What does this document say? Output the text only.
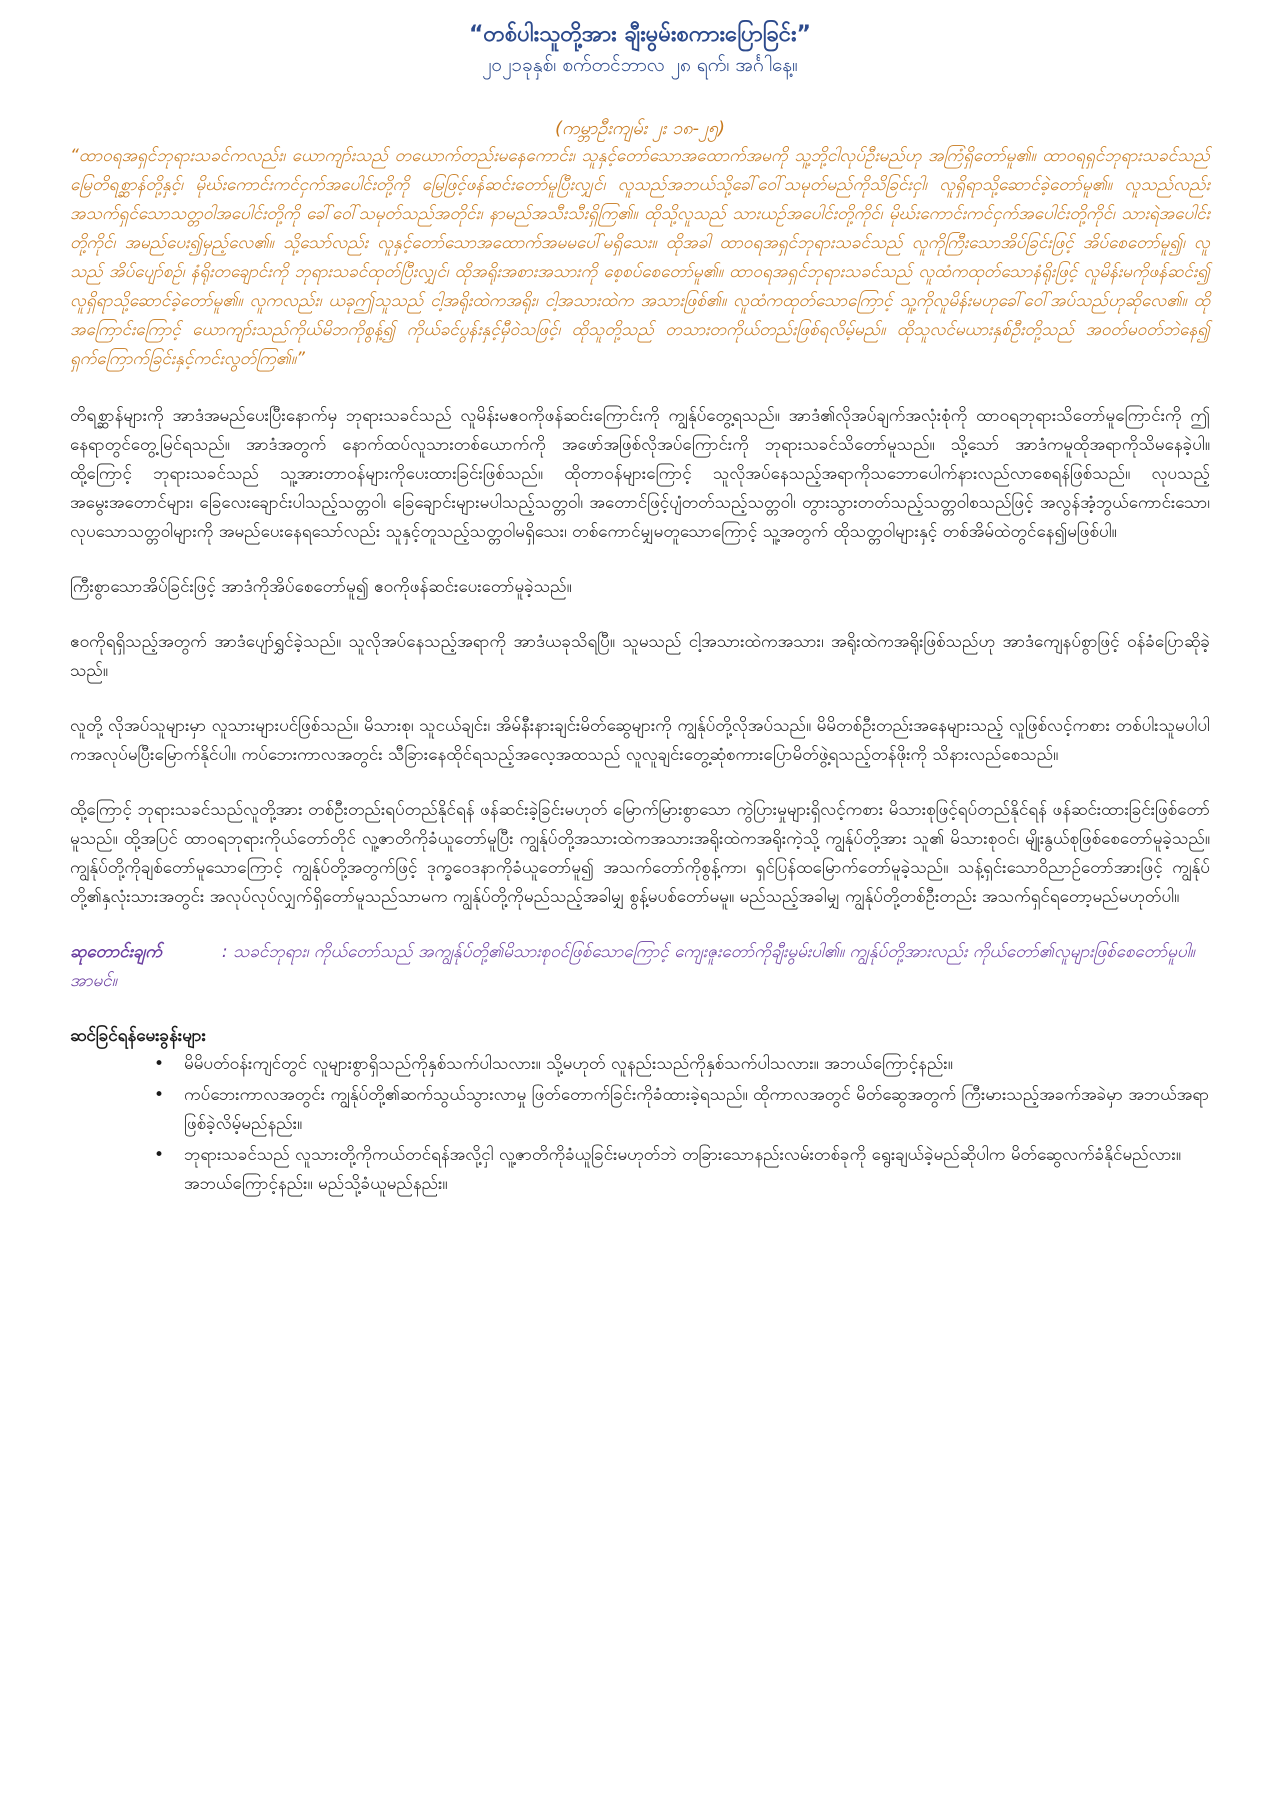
“တစ်ပါးသူတို့အား ချီးမွမ်းစကားပြောခြင်း”

၂၀၂၁ခုနှစ်၊ စက်တင်ဘာလ ၂၈ ရက်၊ အင်္ဂါနေ့။

(ကမ္ဘာဦးကျမ်း ၂း ၁၈-၂၅)

“ထာဝရအရှင်ဘုရားသခင်ကလည်း၊ ယောကျာ်းသည် တယောက်တည်းမနေကောင်း၊ သူနှင့်တော်သောအထောက်အမကို သူ့ဘို့ငါလုပ်ဦးမည်ဟု အကြံရှိတော်မူ၏။ ထာဝရရှင်ဘုရားသခင်သည် မြေတိရစ္ဆာန်တို့နှင့်၊ မိုဃ်းကောင်းကင်ငှက်အပေါင်းတို့ကို မြေဖြင့်ဖန်ဆင်းတော်မူပြီးလျှင်၊ လူသည်အဘယ်သို့ခေါ်ဝေါ်သမုတ်မည်ကိုသိခြင်းငှါ၊ လူရှိရာသို့ဆောင်ခဲ့တော်မူ၏။ လူသည်လည်း အသက်ရှင်သောသတ္တဝါအပေါင်းတို့ကို ခေါ်ဝေါ်သမုတ်သည်အတိုင်း၊ နာမည်အသီးသီးရှိကြ၏။ ထိုသို့လူသည် သားယဉ်အပေါင်းတို့ကိုင်၊ မိုဃ်းကောင်းကင်ငှက်အပေါင်းတို့ကိုင်၊ သားရဲအပေါင်းတို့ကိုင်၊ အမည်ပေး၍မှည့်လေ၏။ သို့သော်လည်း လူနှင့်တော်သောအထောက်အမမပေါ်မရှိသေး။ ထိုအခါ ထာဝရအရှင်ဘုရားသခင်သည် လူကိုကြီးသောအိပ်ခြင်းဖြင့် အိပ်စေတော်မူ၍၊ လူသည် အိပ်ပျော်စဉ်၊ နံရိုးတချောင်းကို ဘုရားသခင်ထုတ်ပြီးလျှင်၊ ထိုအရိုးအစားအသားကို စေ့စပ်စေတော်မူ၏။ ထာဝရအရှင်ဘုရားသခင်သည် လူထံကထုတ်သောနံရိုးဖြင့် လူမိန်းမကိုဖန်ဆင်း၍ လူရှိရာသို့ဆောင်ခဲ့တော်မူ၏။ လူကလည်း၊ ယခုဤသူသည် ငါ့အရိုးထဲကအရိုး၊ ငါ့အသားထဲက အသားဖြစ်၏။ လူထံကထုတ်သောကြောင့် သူ့ကိုလူမိန်းမဟုခေါ်ဝေါ်အပ်သည်ဟုဆိုလေ၏။ ထိုအကြောင်းကြောင့် ယောကျာ်းသည်ကိုယ်မိဘကိုစွန့်၍ ကိုယ်ခင်ပွန်းနှင့်မှီဝဲသဖြင့်၊ ထိုသူတို့သည် တသားတကိုယ်တည်းဖြစ်ရလိမ့်မည်။ ထိုသူလင်မယားနှစ်ဦးတို့သည် အဝတ်မဝတ်ဘဲနေ၍ ရှက်ကြောက်ခြင်းနှင့်ကင်းလွတ်ကြ၏။”

တိရစ္ဆာန်များကို အာဒံအမည်ပေးပြီးနောက်မှ ဘုရားသခင်သည် လူမိန်းမဧဝကိုဖန်ဆင်းကြောင်းကို ကျွန်ုပ်တွေ့ရသည်။ အာဒံ၏လိုအပ်ချက်အလုံးစုံကို ထာဝရဘုရားသိတော်မူကြောင်းကို ဤနေရာတွင်တွေ့မြင်ရသည်။ အာဒံအတွက် နောက်ထပ်လူသားတစ်ယောက်ကို အဖော်အဖြစ်လိုအပ်ကြောင်းကို ဘုရားသခင်သိတော်မူသည်။ သို့သော် အာဒံကမူထိုအရာကိုသိမနေခဲ့ပါ။ ထို့ကြောင့် ဘုရားသခင်သည် သူ့အားတာဝန်များကိုပေးထားခြင်းဖြစ်သည်။ ထိုတာဝန်များကြောင့် သူလိုအပ်နေသည့်အရာကိုသဘောပေါက်နားလည်လာစေရန်ဖြစ်သည်။ လုပသည့်အမွေးအတောင်များ၊ ခြေလေးချောင်းပါသည့်သတ္တဝါ၊ ခြေချောင်းများမပါသည့်သတ္တဝါ၊ အတောင်ဖြင့်ပျံတတ်သည့်သတ္တဝါ၊ တွားသွားတတ်သည့်သတ္တဝါစသည်ဖြင့် အလွန်အံ့ဘွယ်ကောင်းသော၊ လုပသောသတ္တဝါများကို အမည်ပေးနေရသော်လည်း သူနှင့်တူသည့်သတ္တဝါမရှိသေး၊ တစ်ကောင်မျှမတူသောကြောင့် သူ့အတွက် ထိုသတ္တဝါများနှင့် တစ်အိမ်ထဲတွင်နေ၍မဖြစ်ပါ။

ကြီးစွာသောအိပ်ခြင်းဖြင့် အာဒံကိုအိပ်စေတော်မူ၍ ဧဝကိုဖန်ဆင်းပေးတော်မူခဲ့သည်။

ဧဝကိုရရှိသည့်အတွက် အာဒံပျော်ရွှင်ခဲ့သည်။ သူလိုအပ်နေသည့်အရာကို အာဒံယခုသိရပြီ။ သူမသည် ငါ့အသားထဲကအသား၊ အရိုးထဲကအရိုးဖြစ်သည်ဟု အာဒံကျေနပ်စွာဖြင့် ဝန်ခံပြောဆိုခဲ့သည်။

လူတို့ လိုအပ်သူများမှာ လူသားများပင်ဖြစ်သည်။ မိသားစု၊ သူငယ်ချင်း၊ အိမ်နီးနားချင်းမိတ်ဆွေများကို ကျွန်ုပ်တို့လိုအပ်သည်။ မိမိတစ်ဦးတည်းအနေများသည့် လူဖြစ်လင့်ကစား တစ်ပါးသူမပါပါကအလုပ်မပြီးမြောက်နိုင်ပါ။ ကပ်ဘေးကာလအတွင်း သီခြားနေထိုင်ရသည့်အလေ့အထသည် လူလူချင်းတွေ့ဆုံစကားပြောမိတ်ဖွဲ့ရသည့်တန်ဖိုးကို သိနားလည်စေသည်။

ထို့ကြောင့် ဘုရားသခင်သည်လူတို့အား တစ်ဦးတည်းရပ်တည်နိုင်ရန် ဖန်ဆင်းခဲ့ခြင်းမဟုတ် မြောက်မြားစွာသော ကွဲပြားမှုများရှိလင့်ကစား မိသားစုဖြင့်ရပ်တည်နိုင်ရန် ဖန်ဆင်းထားခြင်းဖြစ်တော်မူသည်။ ထို့အပြင် ထာဝရဘုရားကိုယ်တော်တိုင် လူ့ဇာတိကိုခံယူတော်မူပြီး ကျွန်ုပ်တို့အသားထဲကအသားအရိုးထဲကအရိုးကဲ့သို့ ကျွန်ုပ်တို့အား သူ၏ မိသားစုဝင်၊ မျိုးနွယ်စုဖြစ်စေတော်မူခဲ့သည်။ ကျွန်ုပ်တို့ကိုချစ်တော်မူသောကြောင့် ကျွန်ုပ်တို့အတွက်ဖြင့် ဒုက္ခဝေဒနာကိုခံယူတော်မူ၍ အသက်တော်ကိုစွန့်ကာ၊ ရှင်ပြန်ထမြောက်တော်မူခဲ့သည်။ သန့်ရှင်းသောဝိညာဉ်တော်အားဖြင့် ကျွန်ုပ်တို့၏နှလုံးသားအတွင်း အလုပ်လုပ်လျှက်ရှိတော်မူသည်သာမက ကျွန်ုပ်တို့ကိုမည်သည့်အခါမျှ စွန့်မပစ်တော်မမူ။ မည်သည့်အခါမျှ ကျွန်ုပ်တို့တစ်ဦးတည်း အသက်ရှင်ရတော့မည်မဟုတ်ပါ။

ဆုတောင်းချက်	: သခင်ဘုရား၊ ကိုယ်တော်သည် အကျွန်ုပ်တို့၏မိသားစုဝင်ဖြစ်သောကြောင့် ကျေးဇူးတော်ကိုချီးမွမ်းပါ၏။ ကျွန်ုပ်တို့အားလည်း ကိုယ်တော်၏လူများဖြစ်စေတော်မူပါ။ အာမင်။

ဆင်ခြင်ရန်မေးခွန်းများ

• မိမိပတ်ဝန်းကျင်တွင် လူများစွာရှိသည်ကိုနှစ်သက်ပါသလား။ သို့မဟုတ် လူနည်းသည်ကိုနှစ်သက်ပါသလား။ အဘယ်ကြောင့်နည်း။
• ကပ်ဘေးကာလအတွင်း ကျွန်ုပ်တို့၏ဆက်သွယ်သွားလာမှု ဖြတ်တောက်ခြင်းကိုခံထားခဲ့ရသည်။ ထိုကာလအတွင် မိတ်ဆွေအတွက် ကြီးမားသည့်အခက်အခဲမှာ အဘယ်အရာဖြစ်ခဲ့လိမ့်မည်နည်း။
• ဘုရားသခင်သည် လူသားတို့ကိုကယ်တင်ရန်အလို့ငှါ လူ့ဇာတိကိုခံယူခြင်းမဟုတ်ဘဲ တခြားသောနည်းလမ်းတစ်ခုကို ရွေးချယ်ခဲ့မည်ဆိုပါက မိတ်ဆွေလက်ခံနိုင်မည်လား။ အဘယ်ကြောင့်နည်း။ မည်သို့ခံယူမည်နည်း။
